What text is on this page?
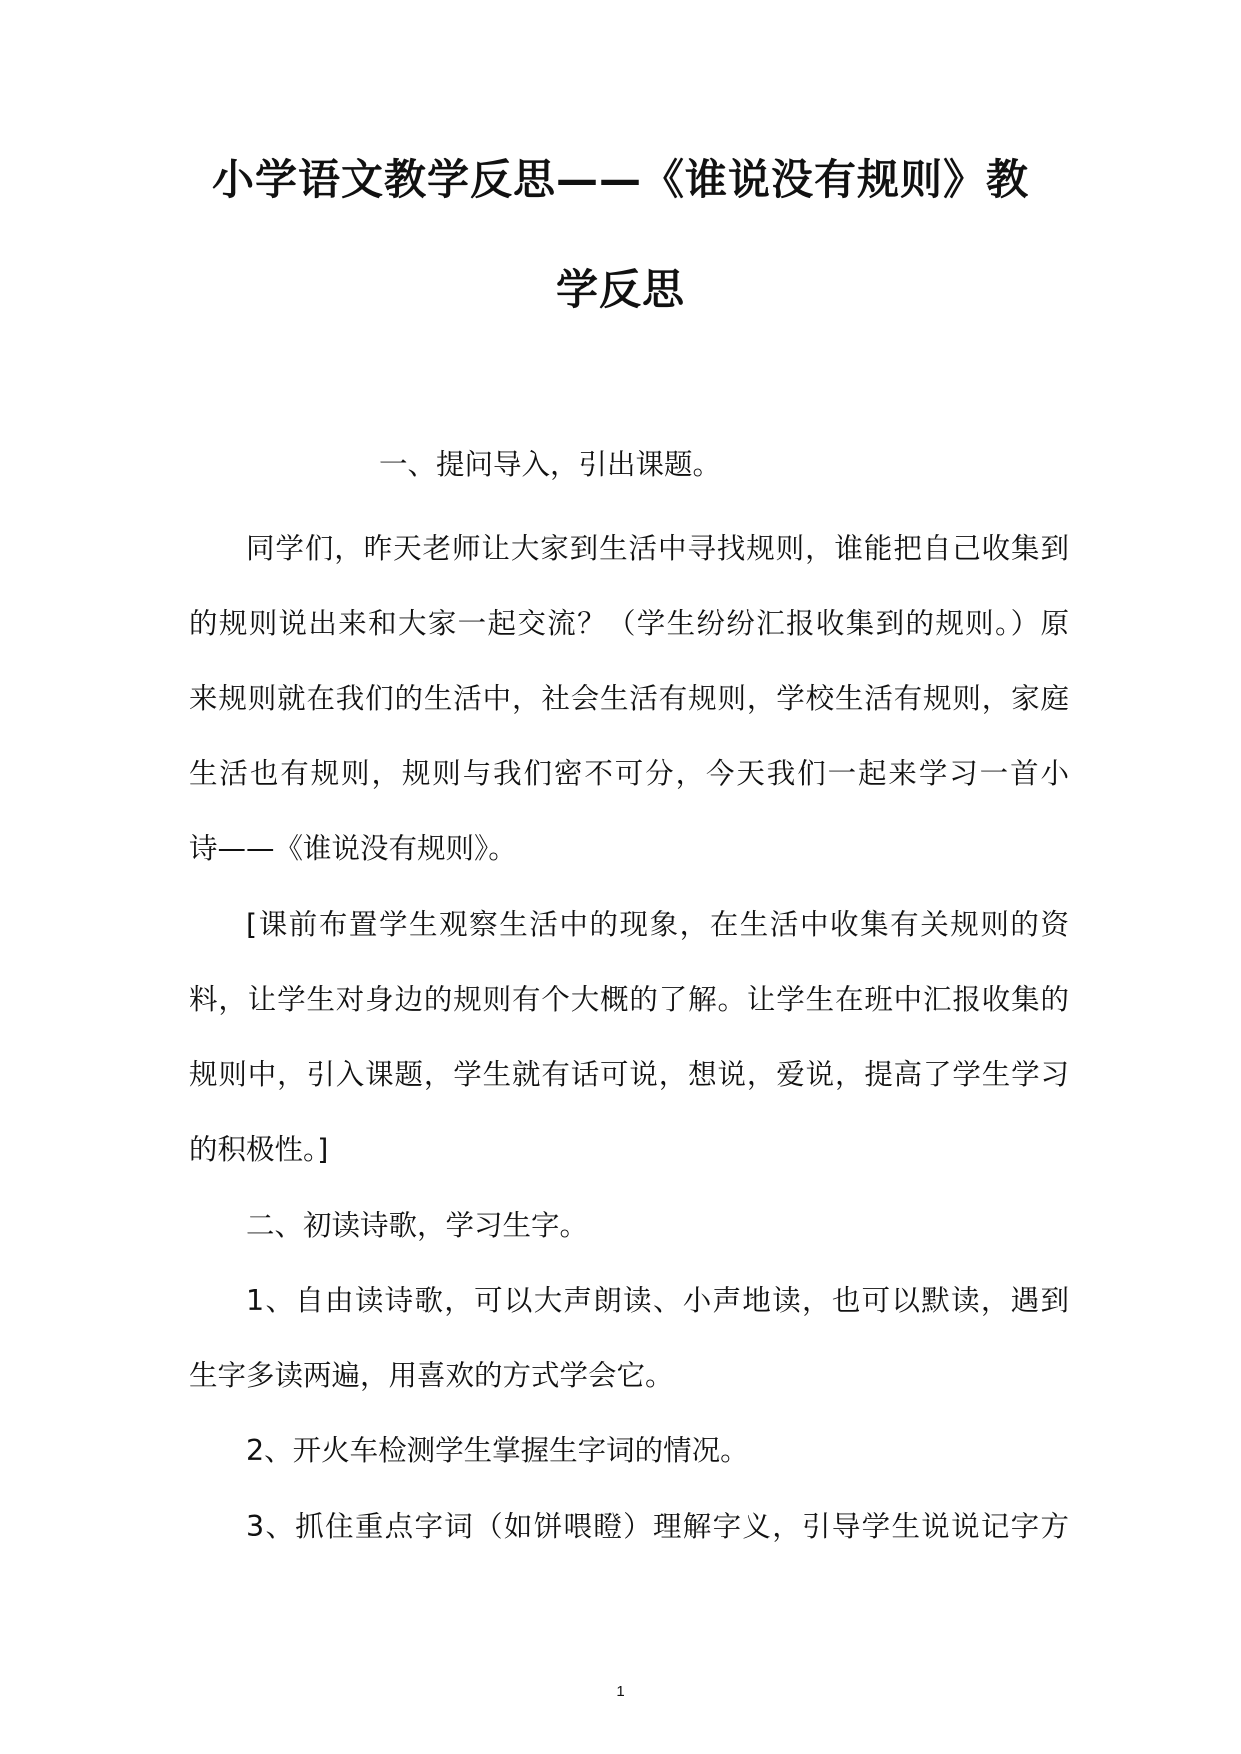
小学语文教学反思——《谁说没有规则》教
学反思
一、提问导入，引出课题。
同学们，昨天老师让大家到生活中寻找规则，谁能把自己收集到
的规则说出来和大家一起交流？（学生纷纷汇报收集到的规则。）原
来规则就在我们的生活中，社会生活有规则，学校生活有规则，家庭
生活也有规则，规则与我们密不可分，今天我们一起来学习一首小
诗——《谁说没有规则》。
[课前布置学生观察生活中的现象，在生活中收集有关规则的资
料，让学生对身边的规则有个大概的了解。让学生在班中汇报收集的
规则中，引入课题，学生就有话可说，想说，爱说，提高了学生学习
的积极性。]
二、初读诗歌，学习生字。
1、自由读诗歌，可以大声朗读、小声地读，也可以默读，遇到
生字多读两遍，用喜欢的方式学会它。
2、开火车检测学生掌握生字词的情况。
3、抓住重点字词（如饼喂瞪）理解字义，引导学生说说记字方
1
